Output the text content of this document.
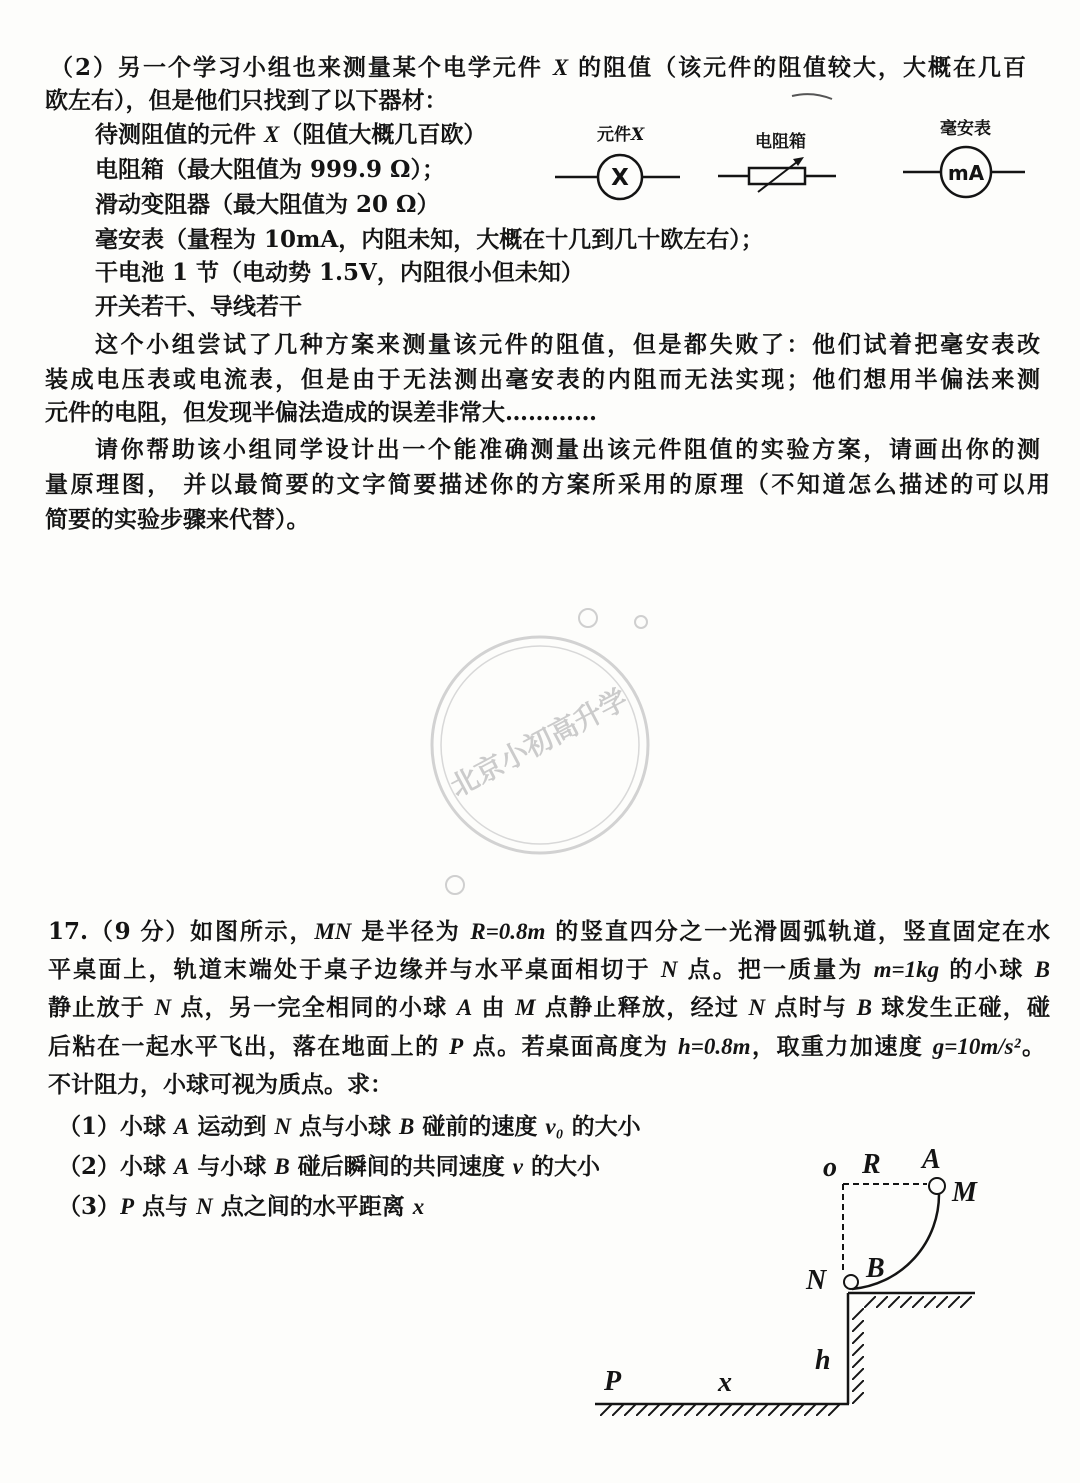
元件X
X
电阻箱
毫安表
mA
北京小初高升学
o R A
M
N B
h
P	x
（2）另一个学习小组也来测量某个电学元件 X 的阻值（该元件的阻值较大，大概在几百
欧左右），但是他们只找到了以下器材：
待测阻值的元件 X（阻值大概几百欧）
电阻箱（最大阻值为 999.9 Ω）；
滑动变阻器（最大阻值为 20 Ω）
毫安表（量程为 10mA，内阻未知，大概在十几到几十欧左右）；
干电池 1 节（电动势 1.5V，内阻很小但未知）
开关若干、导线若干
这个小组尝试了几种方案来测量该元件的阻值，但是都失败了：他们试着把毫安表改
装成电压表或电流表，但是由于无法测出毫安表的内阻而无法实现；他们想用半偏法来测
元件的电阻，但发现半偏法造成的误差非常大…………
请你帮助该小组同学设计出一个能准确测量出该元件阻值的实验方案，请画出你的测
量原理图， 并以最简要的文字简要描述你的方案所采用的原理（不知道怎么描述的可以用
简要的实验步骤来代替）。
17.（9 分）如图所示，MN 是半径为 R=0.8m 的竖直四分之一光滑圆弧轨道，竖直固定在水
平桌面上，轨道末端处于桌子边缘并与水平桌面相切于 N 点。把一质量为 m=1kg 的小球 B
静止放于 N 点，另一完全相同的小球 A 由 M 点静止释放，经过 N 点时与 B 球发生正碰，碰
后粘在一起水平飞出，落在地面上的 P 点。若桌面高度为 h=0.8m，取重力加速度 g=10m/s²。
不计阻力，小球可视为质点。求：
（1）小球 A 运动到 N 点与小球 B 碰前的速度 v₀ 的大小
（2）小球 A 与小球 B 碰后瞬间的共同速度 v 的大小
（3）P 点与 N 点之间的水平距离 x
